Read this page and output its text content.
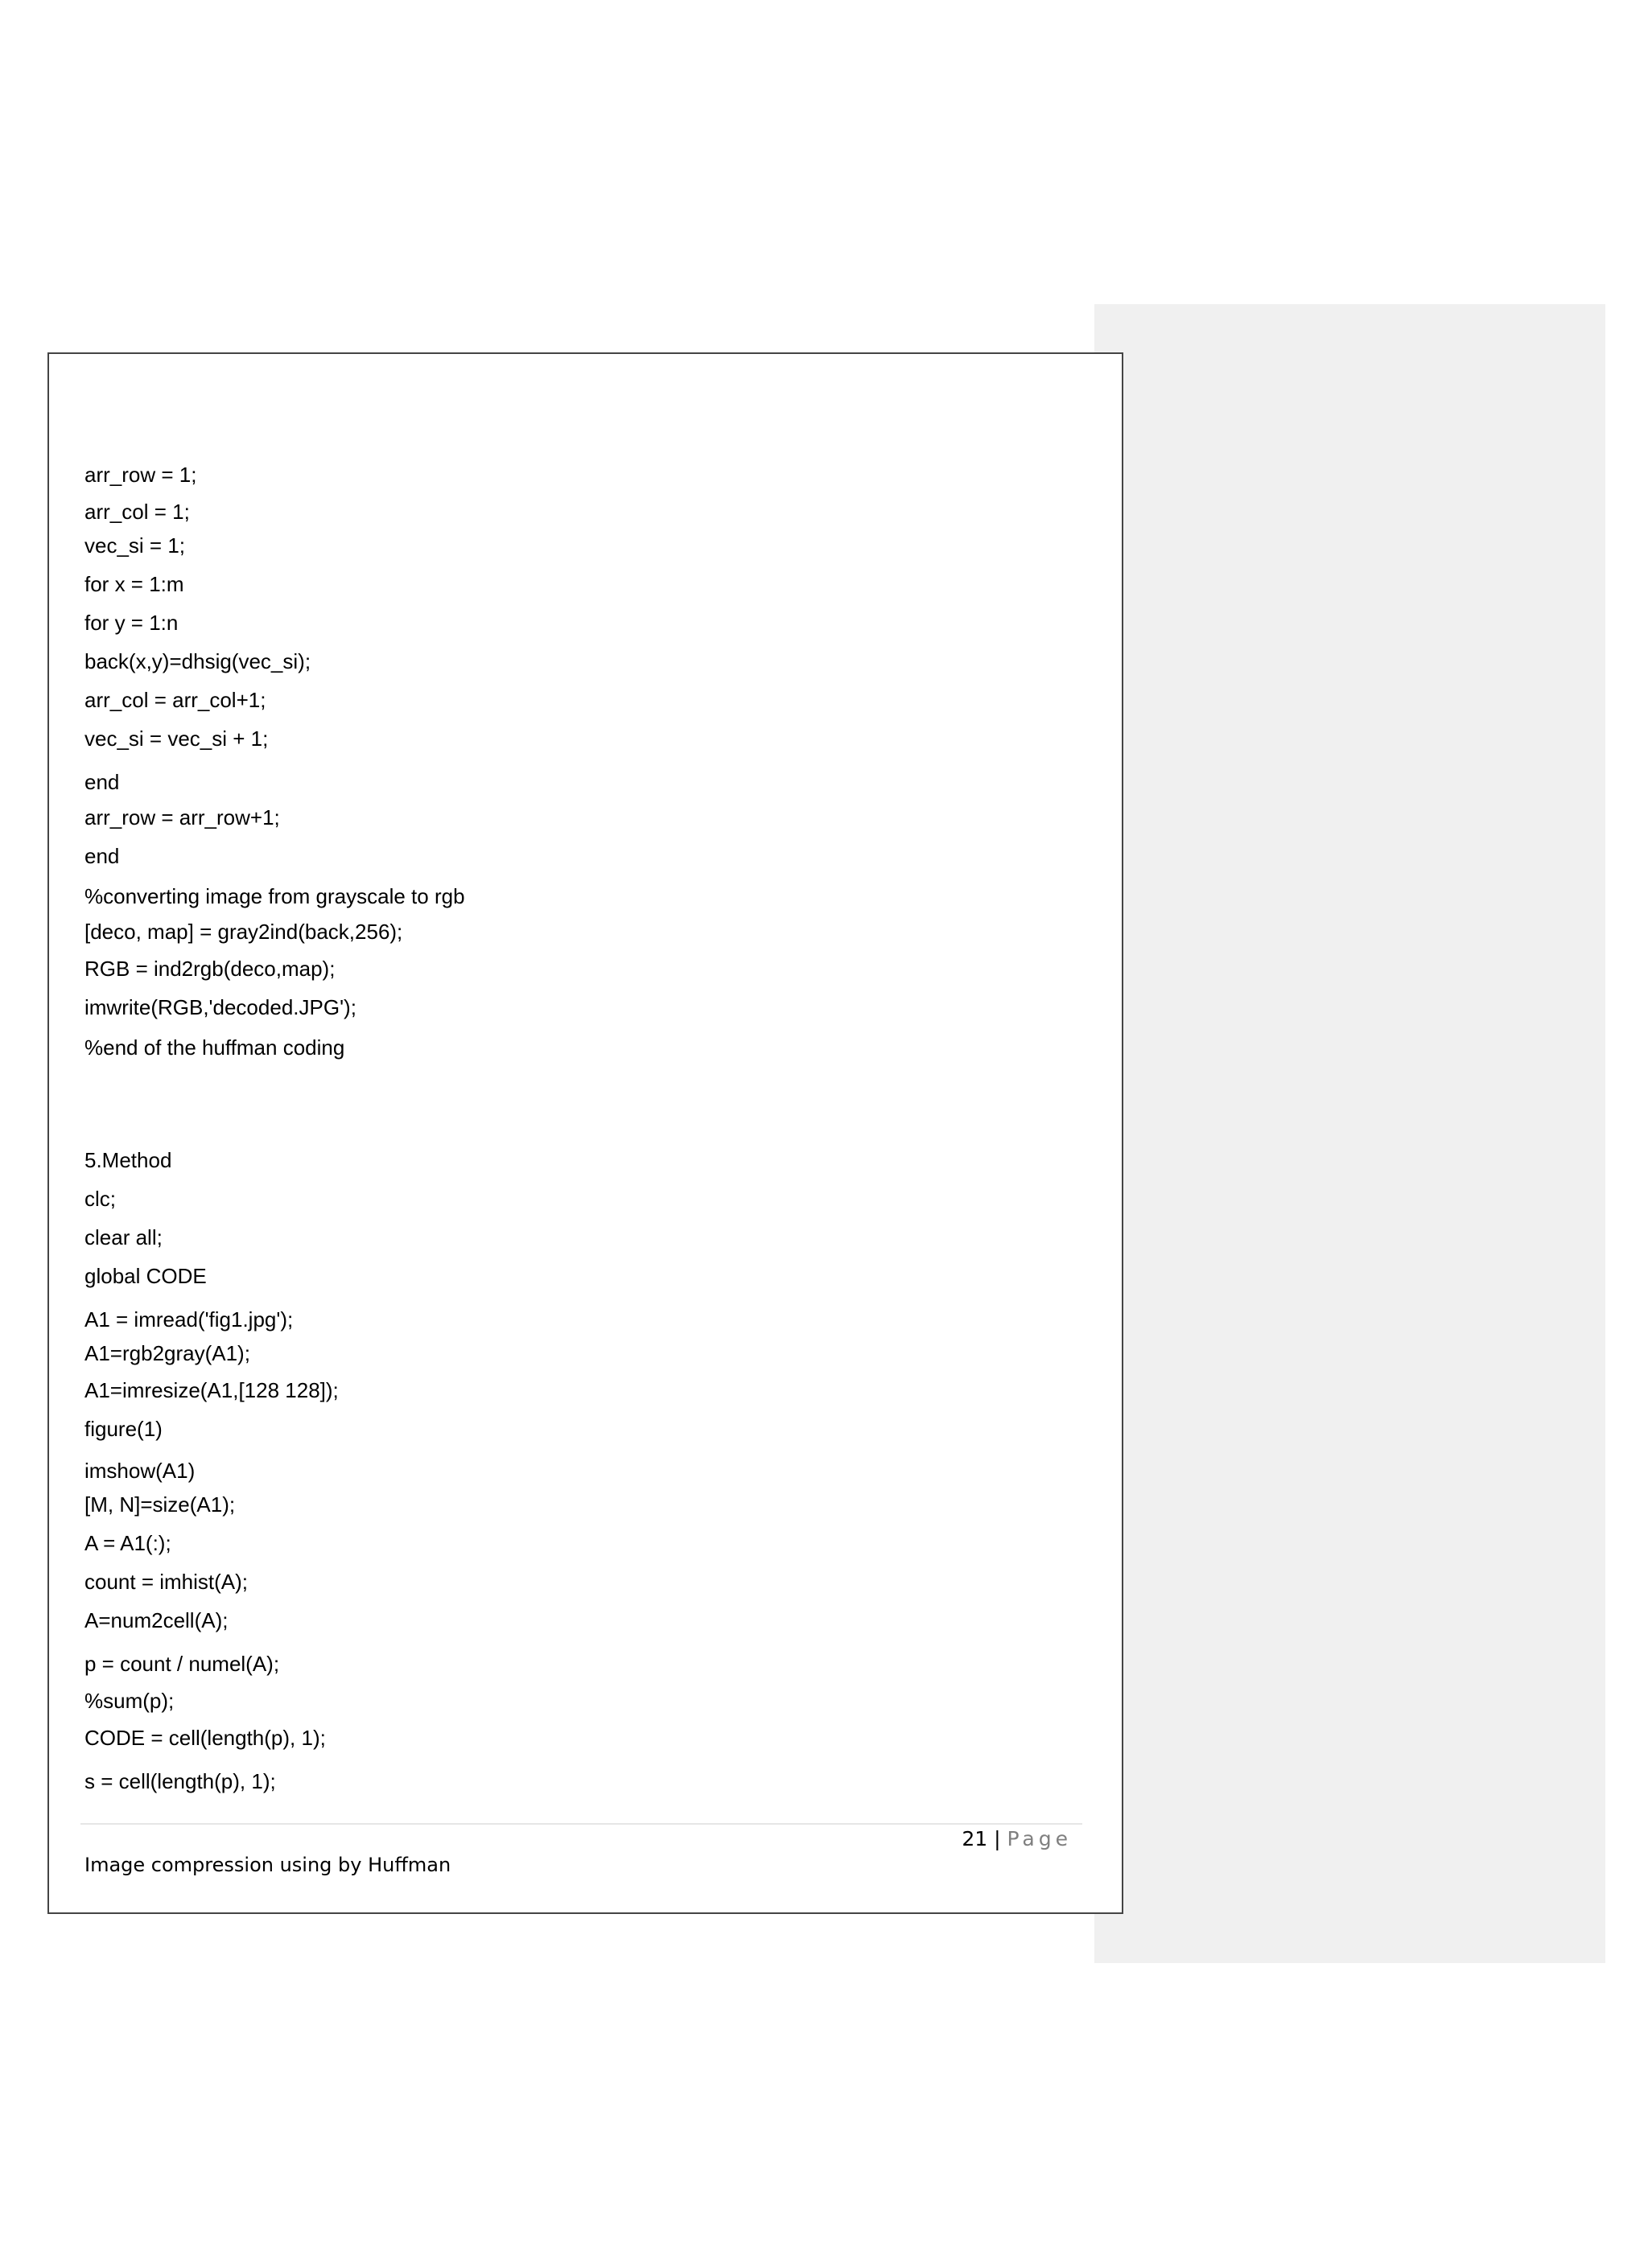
arr_row = 1;
arr_col = 1;
vec_si = 1;
for x = 1:m
for y = 1:n
back(x,y)=dhsig(vec_si);
arr_col = arr_col+1;
vec_si = vec_si + 1;
end
arr_row = arr_row+1;
end
%converting image from grayscale to rgb
[deco, map] = gray2ind(back,256);
RGB = ind2rgb(deco,map);
imwrite(RGB,'decoded.JPG');
%end of the huffman coding
5.Method
clc;
clear all;
global CODE
A1 = imread('fig1.jpg');
A1=rgb2gray(A1);
A1=imresize(A1,[128 128]);
figure(1)
imshow(A1)
[M, N]=size(A1);
A = A1(:);
count = imhist(A);
A=num2cell(A);
p = count / numel(A);
%sum(p);
CODE = cell(length(p), 1);
s = cell(length(p), 1);
21 | Page
Image compression using by Huffman
